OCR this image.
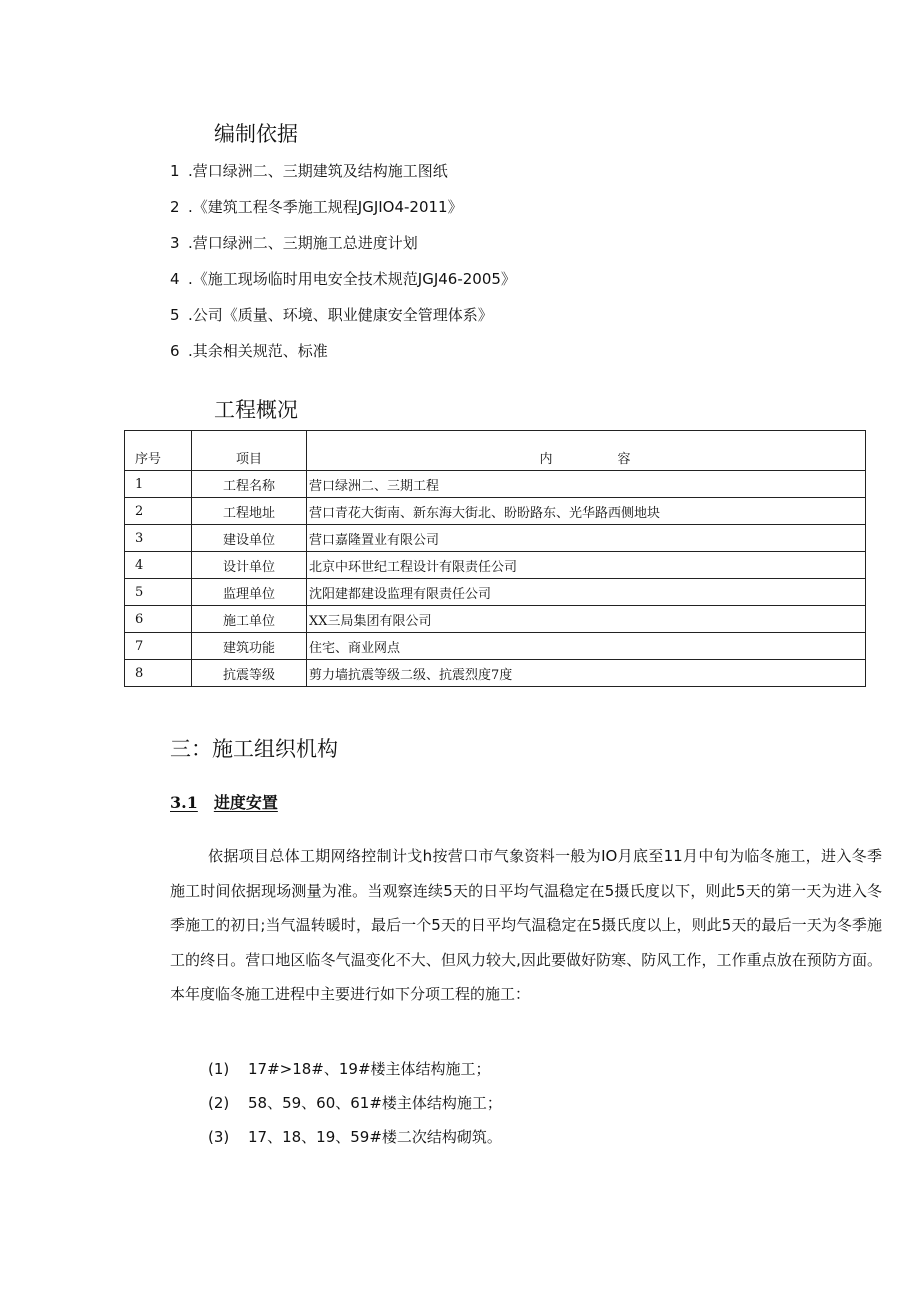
编制依据
1 .营口绿洲二、三期建筑及结构施工图纸
2 .《建筑工程冬季施工规程JGJIO4-2011》
3 .营口绿洲二、三期施工总进度计划
4 .《施工现场临时用电安全技术规范JGJ46-2005》
5 .公司《质量、环境、职业健康安全管理体系》
6 .其余相关规范、标准
工程概况
序号	项目	内　　　　　容
1	工程名称	营口绿洲二、三期工程
2	工程地址	营口青花大街南、新东海大街北、盼盼路东、光华路西侧地块
3	建设单位	营口嘉隆置业有限公司
4	设计单位	北京中环世纪工程设计有限责任公司
5	监理单位	沈阳建都建设监理有限责任公司
6	施工单位	XX三局集团有限公司
7	建筑功能	住宅、商业网点
8	抗震等级	剪力墙抗震等级二级、抗震烈度7度
三：施工组织机构
3.1 进度安置

依据项目总体工期网络控制计戈h按营口市气象资料一般为IO月底至11月中旬为临冬施工，进入冬季施工时间依据现场测量为准。当观察连续5天的日平均气温稳定在5摄氏度以下，则此5天的第一天为进入冬季施工的初日;当气温转暖时，最后一个5天的日平均气温稳定在5摄氏度以上，则此5天的最后一天为冬季施工的终日。营口地区临冬气温变化不大、但风力较大,因此要做好防寒、防风工作，工作重点放在预防方面。本年度临冬施工进程中主要进行如下分项工程的施工：

(1) 17#>18#、19#楼主体结构施工；
(2) 58、59、60、61#楼主体结构施工；
(3) 17、18、19、59#楼二次结构砌筑。
